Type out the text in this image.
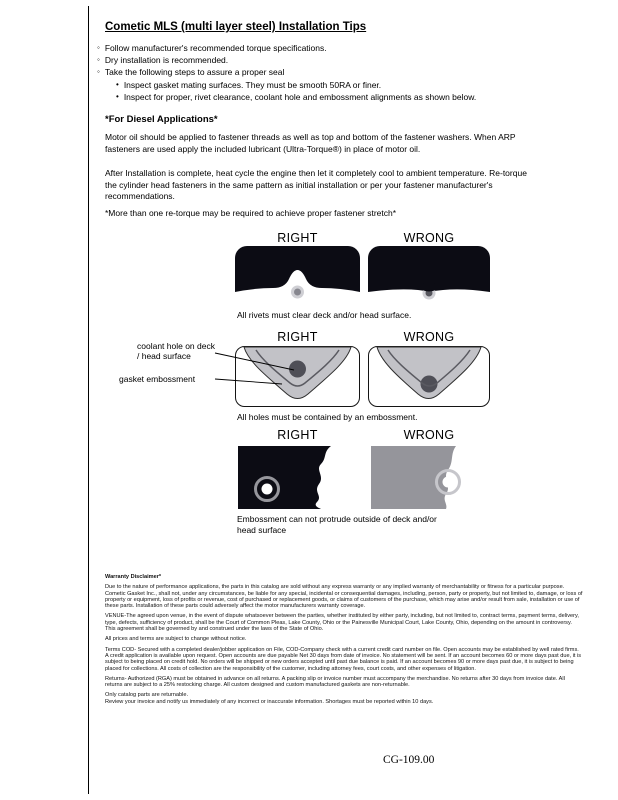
Cometic MLS (multi layer steel) Installation Tips
◦ Follow manufacturer's recommended torque specifications.
◦ Dry installation is recommended.
◦ Take the following steps to assure a proper seal
• Inspect gasket mating surfaces. They must be smooth 50RA or finer.
• Inspect for proper, rivet clearance, coolant hole and embossment alignments as shown below.
*For Diesel Applications*
Motor oil should be applied to fastener threads as well as top and bottom of the fastener washers. When ARP fasteners are used apply the included lubricant (Ultra-Torque®) in place of motor oil.
After Installation is complete, heat cycle the engine then let it completely cool to ambient temperature. Re-torque the cylinder head fasteners in the same pattern as initial installation or per your fastener manufacturer's recommendations.
*More than one re-torque may be required to achieve proper fastener stretch*
RIGHT	WRONG
All rivets must clear deck and/or head surface.
RIGHT	WRONG
coolant hole on deck / head surface
gasket embossment
All holes must be contained by an embossment.
RIGHT	WRONG
Embossment can not protrude outside of deck and/or head surface

Warranty Disclaimer*

Due to the nature of performance applications, the parts in this catalog are sold without any express warranty or any implied warranty of merchantability or fitness for a particular purpose. Cometic Gasket Inc., shall not, under any circumstances, be liable for any special, incidental or consequential damages, including, person, party or property, but not limited to, damage, or loss of property or equipment, loss of profits or revenue, cost of purchased or replacement goods, or claims of customers of the purchase, which may arise and/or result from sale, installation or use of these parts. Installation of these parts could adversely affect the motor manufacturers warranty coverage.

VENUE-The agreed upon venue, in the event of dispute whatsoever between the parties, whether instituted by either party, including, but not limited to, contract terms, payment terms, delivery, type, defects, sufficiency of product, shall be the Court of Common Pleas, Lake County, Ohio or the Painesville Municipal Court, Lake County, Ohio, depending on the amount in controversy. This agreement shall be governed by and construed under the laws of the State of Ohio.

All prices and terms are subject to change without notice.

Terms COD- Secured with a completed dealer/jobber application on File, COD-Company check with a current credit card number on file. Open accounts may be established by well rated firms. A credit application is available upon request. Open accounts are due payable Net 30 days from date of invoice. No statement will be sent. If an account becomes 60 or more days past due, it is subject to being placed on credit hold. No orders will be shipped or new orders accepted until past due balance is paid. If an account becomes 90 or more days past due, it is subject to being placed for collections. All costs of collection are the responsibility of the customer, including attorney fees, court costs, and other expenses of litigation.

Returns- Authorized (RGA) must be obtained in advance on all returns. A packing slip or invoice number must accompany the merchandise. No returns after 30 days from invoice date. All returns are subject to a 25% restocking charge. All custom designed and custom manufactured gaskets are non-returnable.

Only catalog parts are returnable.

Review your invoice and notify us immediately of any incorrect or inaccurate information. Shortages must be reported within 10 days.

CG-109.00
